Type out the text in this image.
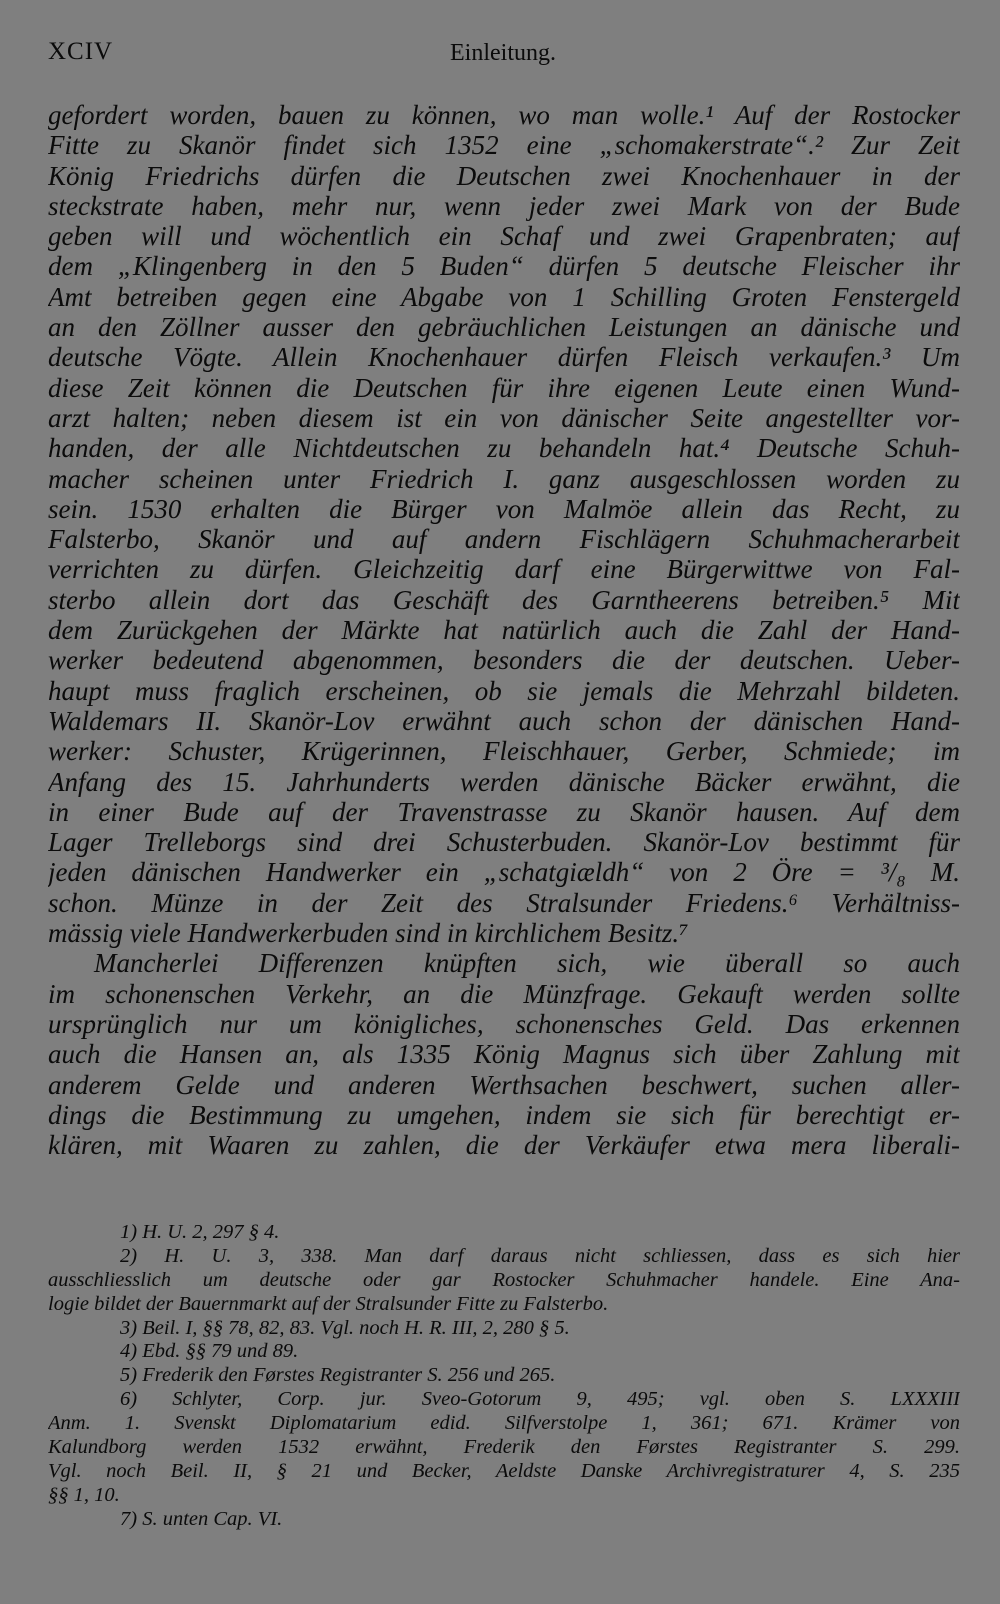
XCIV	Einleitung.
gefordert worden, bauen zu können, wo man wolle.¹ Auf der Rostocker
Fitte zu Skanör findet sich 1352 eine „schomakerstrate“.² Zur Zeit
König Friedrichs dürfen die Deutschen zwei Knochenhauer in der
steckstrate haben, mehr nur, wenn jeder zwei Mark von der Bude
geben will und wöchentlich ein Schaf und zwei Grapenbraten; auf
dem „Klingenberg in den 5 Buden“ dürfen 5 deutsche Fleischer ihr
Amt betreiben gegen eine Abgabe von 1 Schilling Groten Fenstergeld
an den Zöllner ausser den gebräuchlichen Leistungen an dänische und
deutsche Vögte. Allein Knochenhauer dürfen Fleisch verkaufen.³ Um
diese Zeit können die Deutschen für ihre eigenen Leute einen Wund-
arzt halten; neben diesem ist ein von dänischer Seite angestellter vor-
handen, der alle Nichtdeutschen zu behandeln hat.⁴ Deutsche Schuh-
macher scheinen unter Friedrich I. ganz ausgeschlossen worden zu
sein. 1530 erhalten die Bürger von Malmöe allein das Recht, zu
Falsterbo, Skanör und auf andern Fischlägern Schuhmacherarbeit
verrichten zu dürfen. Gleichzeitig darf eine Bürgerwittwe von Fal-
sterbo allein dort das Geschäft des Garntheerens betreiben.⁵ Mit
dem Zurückgehen der Märkte hat natürlich auch die Zahl der Hand-
werker bedeutend abgenommen, besonders die der deutschen. Ueber-
haupt muss fraglich erscheinen, ob sie jemals die Mehrzahl bildeten.
Waldemars II. Skanör-Lov erwähnt auch schon der dänischen Hand-
werker: Schuster, Krügerinnen, Fleischhauer, Gerber, Schmiede; im
Anfang des 15. Jahrhunderts werden dänische Bäcker erwähnt, die
in einer Bude auf der Travenstrasse zu Skanör hausen. Auf dem
Lager Trelleborgs sind drei Schusterbuden. Skanör-Lov bestimmt für
jeden dänischen Handwerker ein „schatgiældh“ von 2 Öre = ³/₈ M.
schon. Münze in der Zeit des Stralsunder Friedens.⁶ Verhältniss-
mässig viele Handwerkerbuden sind in kirchlichem Besitz.⁷
Mancherlei Differenzen knüpften sich, wie überall so auch
im schonenschen Verkehr, an die Münzfrage. Gekauft werden sollte
ursprünglich nur um königliches, schonensches Geld. Das erkennen
auch die Hansen an, als 1335 König Magnus sich über Zahlung mit
anderem Gelde und anderen Werthsachen beschwert, suchen aller-
dings die Bestimmung zu umgehen, indem sie sich für berechtigt er-
klären, mit Waaren zu zahlen, die der Verkäufer etwa mera liberali-
1) H. U. 2, 297 § 4.
2) H. U. 3, 338. Man darf daraus nicht schliessen, dass es sich hier
ausschliesslich um deutsche oder gar Rostocker Schuhmacher handele. Eine Ana-
logie bildet der Bauernmarkt auf der Stralsunder Fitte zu Falsterbo.
3) Beil. I, §§ 78, 82, 83. Vgl. noch H. R. III, 2, 280 § 5.
4) Ebd. §§ 79 und 89.
5) Frederik den Førstes Registranter S. 256 und 265.
6) Schlyter, Corp. jur. Sveo-Gotorum 9, 495; vgl. oben S. LXXXIII
Anm. 1. Svenskt Diplomatarium edid. Silfverstolpe 1, 361; 671. Krämer von
Kalundborg werden 1532 erwähnt, Frederik den Førstes Registranter S. 299.
Vgl. noch Beil. II, § 21 und Becker, Aeldste Danske Archivregistraturer 4, S. 235
§§ 1, 10.
7) S. unten Cap. VI.
